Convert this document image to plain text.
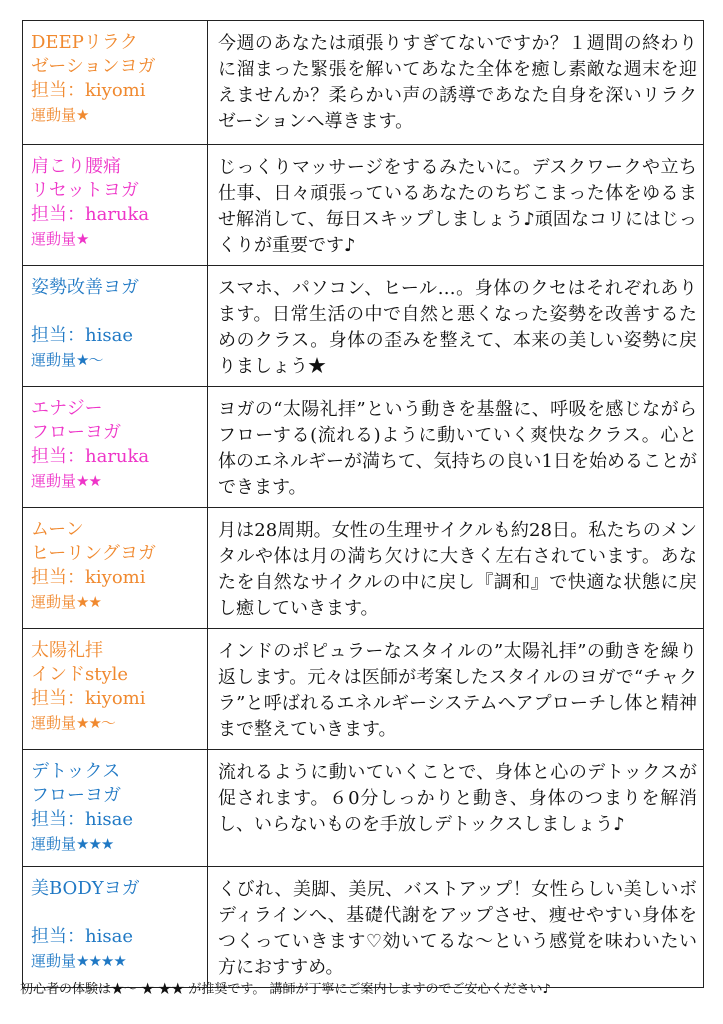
DEEPリラク
ゼーションヨガ
担当：kiyomi
運動量★	今週のあなたは頑張りすぎてないですか？１週間の終わりに溜まった緊張を解いてあなた全体を癒し素敵な週末を迎えませんか？柔らかい声の誘導であなた自身を深いリラクゼーションへ導きます。

肩こり腰痛
リセットヨガ
担当：haruka
運動量★	じっくりマッサージをするみたいに。デスクワークや立ち仕事、日々頑張っているあなたのちぢこまった体をゆるませ解消して、毎日スキップしましょう♪頑固なコリにはじっくりが重要です♪

姿勢改善ヨガ

担当：hisae
運動量★〜	スマホ、パソコン、ヒール…。身体のクセはそれぞれあります。日常生活の中で自然と悪くなった姿勢を改善するためのクラス。身体の歪みを整えて、本来の美しい姿勢に戻りましょう★

エナジー
フローヨガ
担当：haruka
運動量★★	ヨガの“太陽礼拝”という動きを基盤に、呼吸を感じながらフローする(流れる)ように動いていく爽快なクラス。心と体のエネルギーが満ちて、気持ちの良い1日を始めることができます。

ムーン
ヒーリングヨガ
担当：kiyomi
運動量★★	月は28周期。女性の生理サイクルも約28日。私たちのメンタルや体は月の満ち欠けに大きく左右されています。あなたを自然なサイクルの中に戻し『調和』で快適な状態に戻し癒していきます。

太陽礼拝
インドstyle
担当：kiyomi
運動量★★〜	インドのポピュラーなスタイルの”太陽礼拝”の動きを繰り返します。元々は医師が考案したスタイルのヨガで“チャクラ”と呼ばれるエネルギーシステムへアプローチし体と精神まで整えていきます。

デトックス
フローヨガ
担当：hisae
運動量★★★	流れるように動いていくことで、身体と心のデトックスが促されます。６0分しっかりと動き、身体のつまりを解消し、いらないものを手放しデトックスしましょう♪

美BODYヨガ

担当：hisae
運動量★★★★	くびれ、美脚、美尻、バストアップ！女性らしい美しいボディラインへ、基礎代謝をアップさせ、痩せやすい身体をつくっていきます♡効いてるな〜という感覚を味わいたい方におすすめ。
初心者の体験は★〜 ★ ★★ が推奨です。 講師が丁寧にご案内しますのでご安心ください♪
